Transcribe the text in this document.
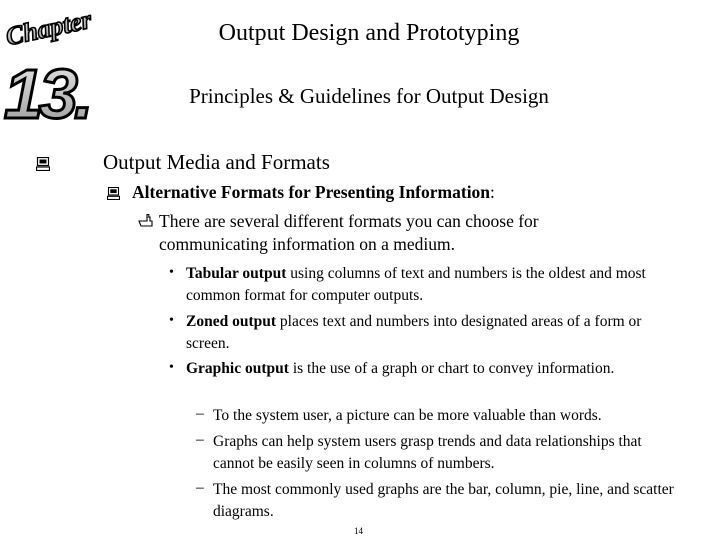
Chapter
13.
Output Design and Prototyping
Principles & Guidelines for Output Design
Output Media and Formats
Alternative Formats for Presenting Information:
There are several different formats you can choose for communicating information on a medium.
• Tabular output using columns of text and numbers is the oldest and most common format for computer outputs.
• Zoned output places text and numbers into designated areas of a form or screen.
• Graphic output is the use of a graph or chart to convey information.
– To the system user, a picture can be more valuable than words.
– Graphs can help system users grasp trends and data relationships that cannot be easily seen in columns of numbers.
– The most commonly used graphs are the bar, column, pie, line, and scatter diagrams.
14
